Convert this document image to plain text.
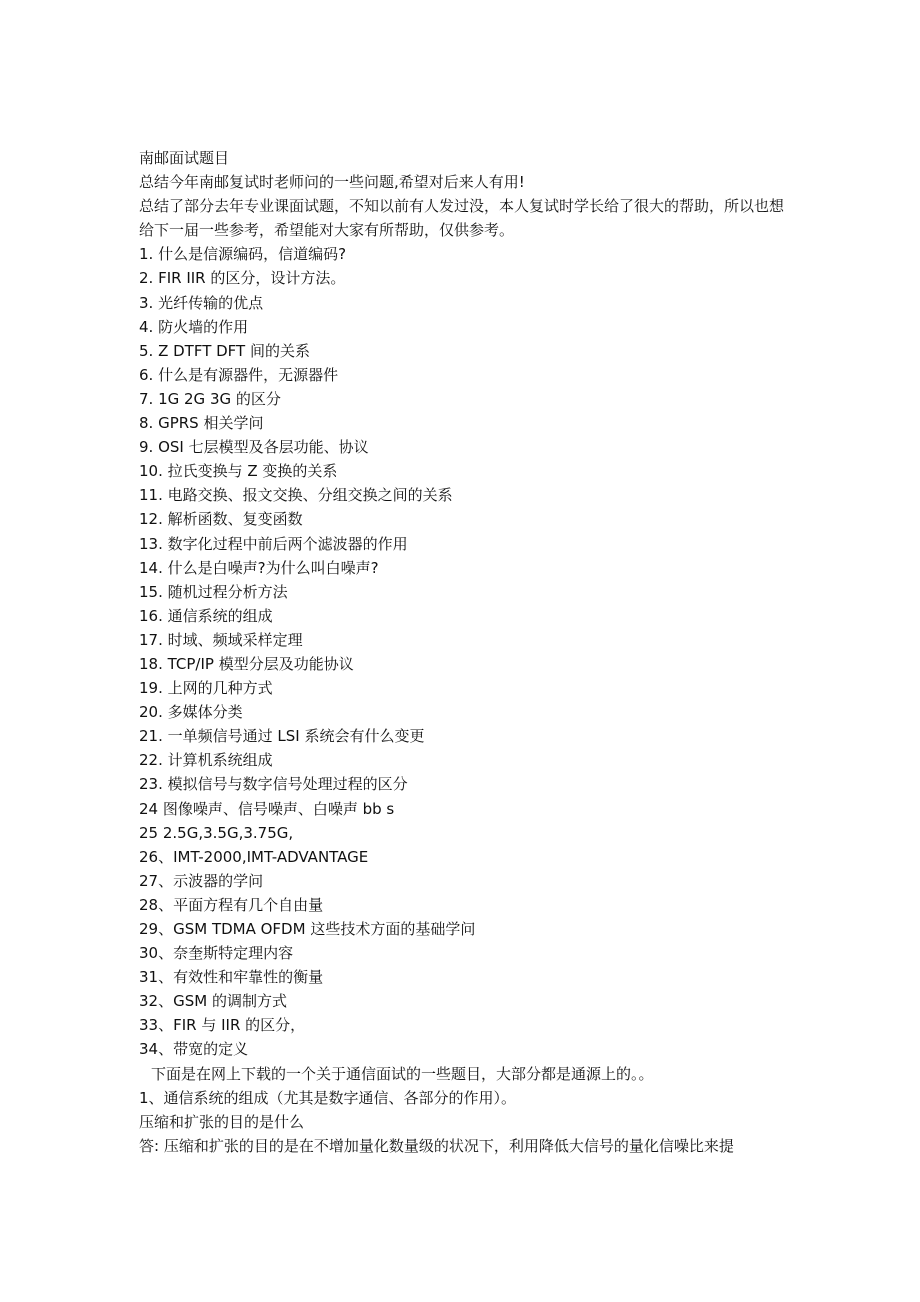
南邮面试题目
总结今年南邮复试时老师问的一些问题,希望对后来人有用!
总结了部分去年专业课面试题，不知以前有人发过没，本人复试时学长给了很大的帮助，所以也想给下一届一些参考，希望能对大家有所帮助，仅供参考。
1. 什么是信源编码，信道编码?
2. FIR IIR 的区分，设计方法。
3. 光纤传输的优点
4. 防火墙的作用
5. Z DTFT DFT 间的关系
6. 什么是有源器件，无源器件
7. 1G 2G 3G 的区分
8. GPRS 相关学问
9. OSI 七层模型及各层功能、协议
10. 拉氏变换与 Z 变换的关系
11. 电路交换、报文交换、分组交换之间的关系
12. 解析函数、复变函数
13. 数字化过程中前后两个滤波器的作用
14. 什么是白噪声?为什么叫白噪声?
15. 随机过程分析方法
16. 通信系统的组成
17. 时域、频域采样定理
18. TCP/IP 模型分层及功能协议
19. 上网的几种方式
20. 多媒体分类
21. 一单频信号通过 LSI 系统会有什么变更
22. 计算机系统组成
23. 模拟信号与数字信号处理过程的区分
24 图像噪声、信号噪声、白噪声 bb s
25 2.5G,3.5G,3.75G,
26、IMT-2000,IMT-ADVANTAGE
27、示波器的学问
28、平面方程有几个自由量
29、GSM TDMA OFDM 这些技术方面的基础学问
30、奈奎斯特定理内容
31、有效性和牢靠性的衡量
32、GSM 的调制方式
33、FIR 与 IIR 的区分，
34、带宽的定义
下面是在网上下载的一个关于通信面试的一些题目，大部分都是通源上的。。
1、通信系统的组成（尤其是数字通信、各部分的作用）。
压缩和扩张的目的是什么
答: 压缩和扩张的目的是在不增加量化数量级的状况下，利用降低大信号的量化信噪比来提
